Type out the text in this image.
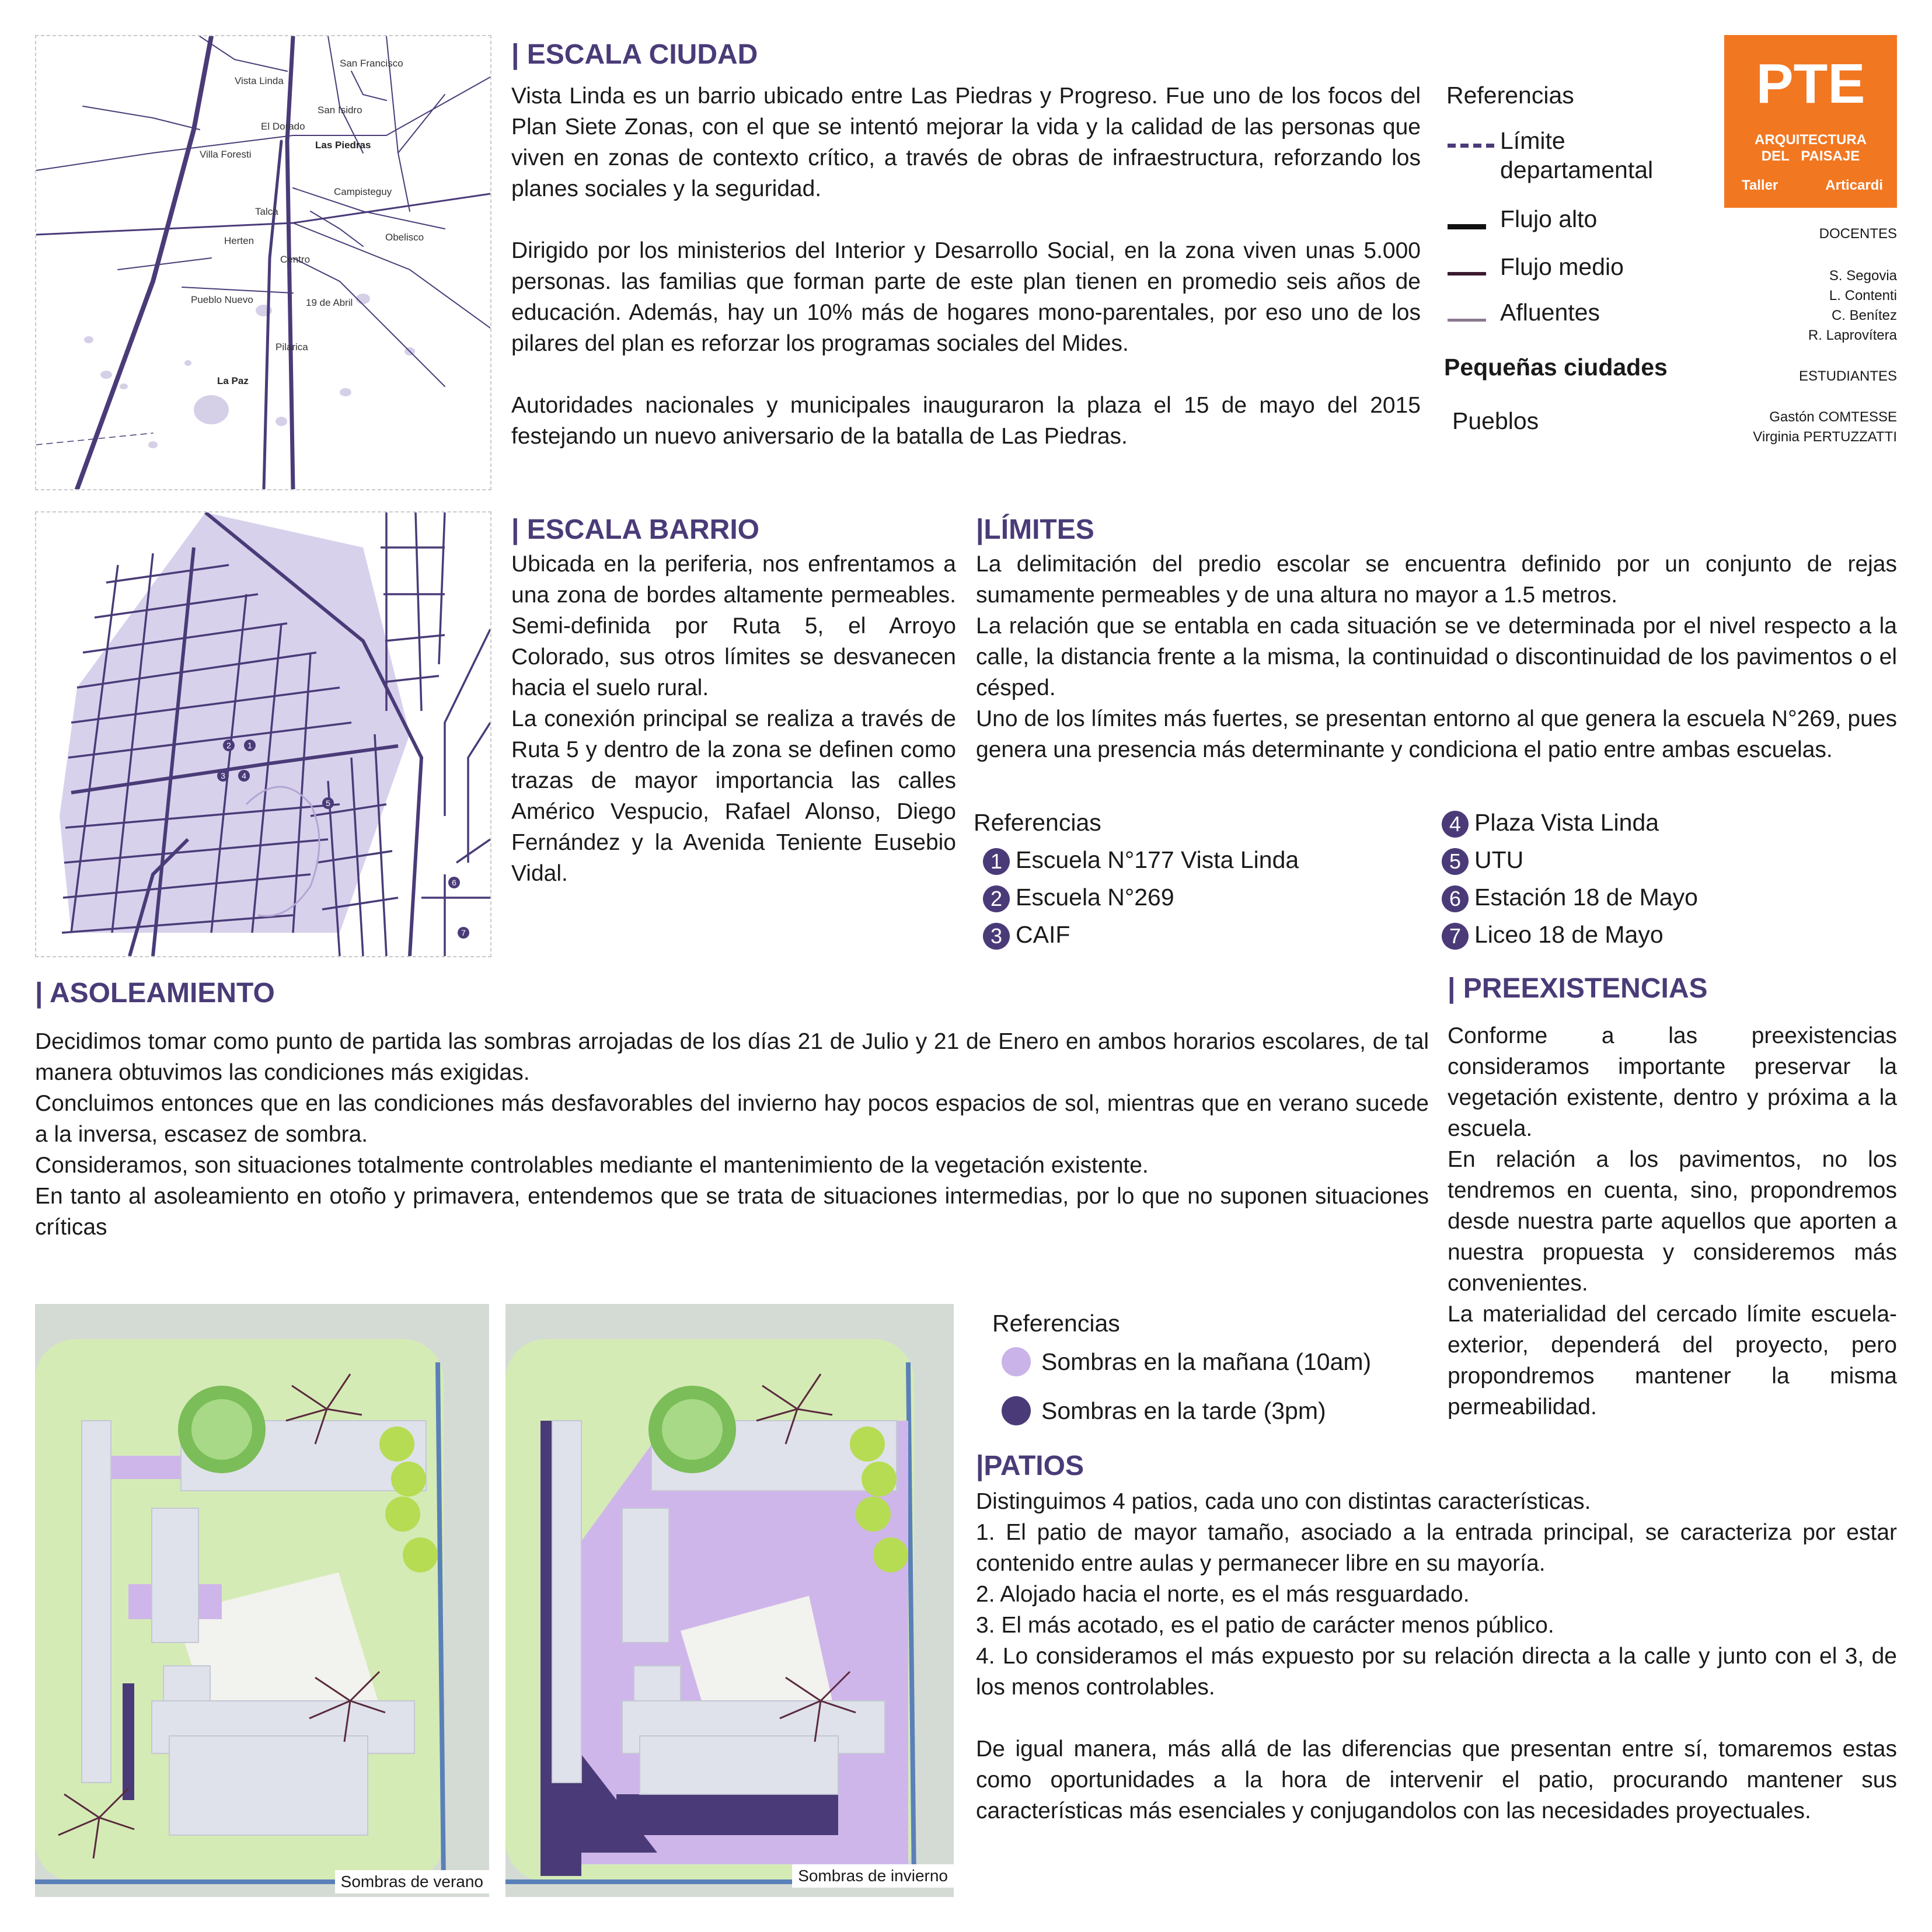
San Francisco
Vista Linda
San Isidro
El Dorado
Las Piedras
Villa Foresti
Campisteguy
Talca
Obelisco
Herten
Centro
Pueblo Nuevo	19 de Abril
Pilarica
La Paz
| ESCALA CIUDAD

Vista Linda es un barrio ubicado entre Las Piedras y Progreso. Fue uno de los focos del Plan Siete Zonas, con el que se intentó mejorar la vida y la calidad de las personas que viven en zonas de contexto crítico, a través de obras de infraestructura, reforzando los planes sociales y la seguridad.

Dirigido por los ministerios del Interior y Desarrollo Social, en la zona viven unas 5.000 personas. las familias que forman parte de este plan tienen en promedio seis años de educación. Además, hay un 10% más de hogares mono-parentales, por eso uno de los pilares del plan es reforzar los programas sociales del Mides.

Autoridades nacionales y municipales inauguraron la plaza el 15 de mayo del 2015 festejando un nuevo aniversario de la batalla de Las Piedras.

Referencias
Límite departamental
Flujo alto
Flujo medio
Afluentes
Pequeñas ciudades
Pueblos
PTE
ARQUITECTURA
DEL   PAISAJE
Taller	Articardi
DOCENTES
S. Segovia
L. Contenti
C. Benítez
R. Laprovítera
ESTUDIANTES
Gastón COMTESSE
Virginia PERTUZZATTI
2 1
3 4
5
6
7
| ESCALA BARRIO

Ubicada en la periferia, nos enfrentamos a una zona de bordes altamente permeables. Semi-definida por Ruta 5, el Arroyo Colorado, sus otros límites se desvanecen hacia el suelo rural.

La conexión principal se realiza a través de Ruta 5 y dentro de la zona se definen como trazas de mayor importancia las calles Américo Vespucio, Rafael Alonso, Diego Fernández y la Avenida Teniente Eusebio Vidal.

|LÍMITES

La delimitación del predio escolar se encuentra definido por un conjunto de rejas sumamente permeables y de una altura no mayor a 1.5 metros.

La relación que se entabla en cada situación se ve determinada por el nivel respecto a la calle, la distancia frente a la misma, la continuidad o discontinuidad de los pavimentos o el césped.

Uno de los límites más fuertes, se presentan entorno al que genera la escuela N°269, pues genera una presencia más determinante y condiciona el patio entre ambas escuelas.

Referencias
1 Escuela N°177 Vista Linda
2 Escuela N°269
3 CAIF
4 Plaza Vista Linda
5 UTU
6 Estación 18 de Mayo
7 Liceo 18 de Mayo
| ASOLEAMIENTO

Decidimos tomar como punto de partida las sombras arrojadas de los días 21 de Julio y 21 de Enero en ambos horarios escolares, de tal manera obtuvimos las condiciones más exigidas.

Concluimos entonces que en las condiciones más desfavorables del invierno hay pocos espacios de sol, mientras que en verano sucede a la inversa, escasez de sombra.

Consideramos, son situaciones totalmente controlables mediante el mantenimiento de la vegetación existente.

En tanto al asoleamiento en otoño y primavera, entendemos que se trata de situaciones intermedias, por lo que no suponen situaciones críticas

| PREEXISTENCIAS

Conforme a las preexistencias consideramos importante preservar la vegetación existente, dentro y próxima a la escuela.

En relación a los pavimentos, no los tendremos en cuenta, sino, propondremos desde nuestra parte aquellos que aporten a nuestra propuesta y consideremos más convenientes.

La materialidad del cercado límite escuela-exterior, dependerá del proyecto, pero propondremos mantener la misma permeabilidad.

Sombras de verano	Sombras de invierno
Referencias
Sombras en la mañana (10am)
Sombras en la tarde (3pm)
|PATIOS

Distinguimos 4 patios, cada uno con distintas características.

1. El patio de mayor tamaño, asociado a la entrada principal, se caracteriza por estar contenido entre aulas y permanecer libre en su mayoría.

2. Alojado hacia el norte, es el más resguardado.

3. El más acotado, es el patio de carácter menos público.

4. Lo consideramos el más expuesto por su relación directa a la calle y junto con el 3, de los menos controlables.

De igual manera, más allá de las diferencias que presentan entre sí, tomaremos estas como oportunidades a la hora de intervenir el patio, procurando mantener sus características más esenciales y conjugandolos con las necesidades proyectuales.
